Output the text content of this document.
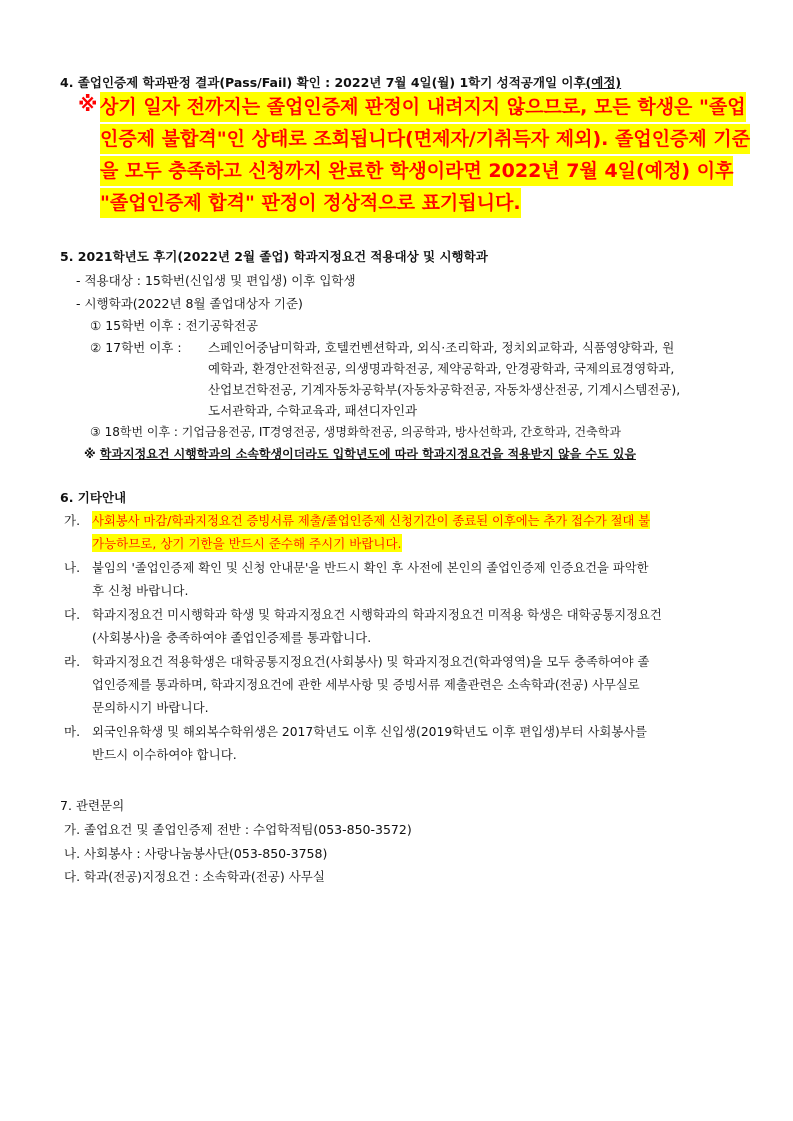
4. 졸업인증제 학과판정 결과(Pass/Fail) 확인 : 2022년 7월 4일(월) 1학기 성적공개일 이후(예정)
※ 상기 일자 전까지는 졸업인증제 판정이 내려지지 않으므로, 모든 학생은 "졸업
인증제 불합격"인 상태로 조회됩니다(면제자/기취득자 제외). 졸업인증제 기준
을 모두 충족하고 신청까지 완료한 학생이라면 2022년 7월 4일(예정) 이후
"졸업인증제 합격" 판정이 정상적으로 표기됩니다.
5. 2021학년도 후기(2022년 2월 졸업) 학과지정요건 적용대상 및 시행학과
- 적용대상 : 15학번(신입생 및 편입생) 이후 입학생
- 시행학과(2022년 8월 졸업대상자 기준)
① 15학번 이후 : 전기공학전공
② 17학번 이후 : 스페인어중남미학과, 호텔컨벤션학과, 외식·조리학과, 정치외교학과, 식품영양학과, 원
예학과, 환경안전학전공, 의생명과학전공, 제약공학과, 안경광학과, 국제의료경영학과,
산업보건학전공, 기계자동차공학부(자동차공학전공, 자동차생산전공, 기계시스템전공),
도서관학과, 수학교육과, 패션디자인과
③ 18학번 이후 : 기업금융전공, IT경영전공, 생명화학전공, 의공학과, 방사선학과, 간호학과, 건축학과
※ 학과지정요건 시행학과의 소속학생이더라도 입학년도에 따라 학과지정요건을 적용받지 않을 수도 있음
6. 기타안내
가. 사회봉사 마감/학과지정요건 증빙서류 제출/졸업인증제 신청기간이 종료된 이후에는 추가 접수가 절대 불
가능하므로, 상기 기한을 반드시 준수해 주시기 바랍니다.
나. 붙임의 '졸업인증제 확인 및 신청 안내문'을 반드시 확인 후 사전에 본인의 졸업인증제 인증요건을 파악한
후 신청 바랍니다.
다. 학과지정요건 미시행학과 학생 및 학과지정요건 시행학과의 학과지정요건 미적용 학생은 대학공통지정요건
(사회봉사)을 충족하여야 졸업인증제를 통과합니다.
라. 학과지정요건 적용학생은 대학공통지정요건(사회봉사) 및 학과지정요건(학과영역)을 모두 충족하여야 졸
업인증제를 통과하며, 학과지정요건에 관한 세부사항 및 증빙서류 제출관련은 소속학과(전공) 사무실로
문의하시기 바랍니다.
마. 외국인유학생 및 해외복수학위생은 2017학년도 이후 신입생(2019학년도 이후 편입생)부터 사회봉사를
반드시 이수하여야 합니다.
7. 관련문의
가. 졸업요건 및 졸업인증제 전반 : 수업학적팀(053-850-3572)
나. 사회봉사 : 사랑나눔봉사단(053-850-3758)
다. 학과(전공)지정요건 : 소속학과(전공) 사무실
